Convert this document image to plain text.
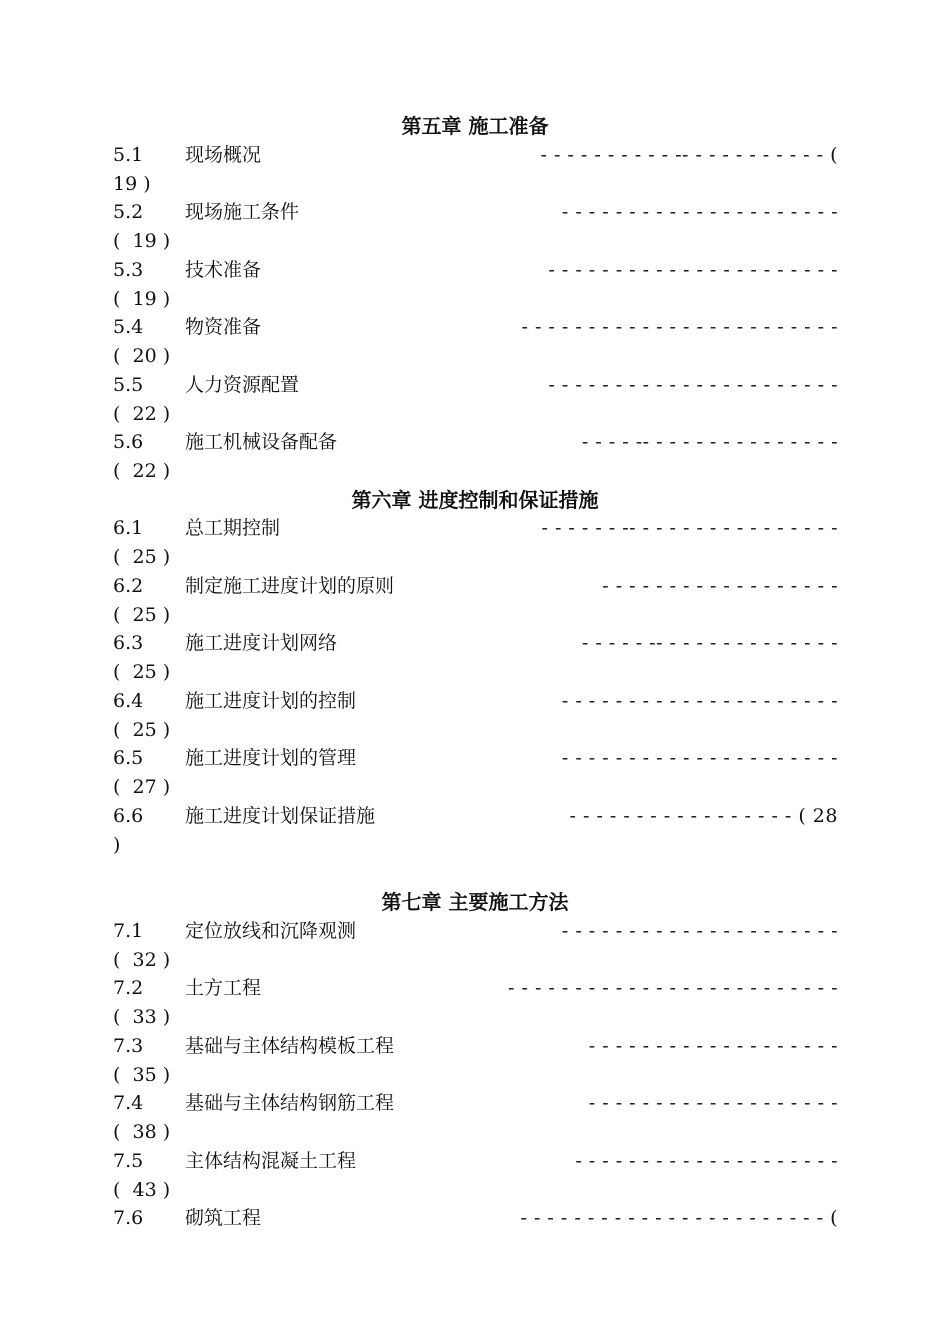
第五章 施工准备
5.1 现场概况	- - - - - - - - - - -- - - - - - - - - - - (
19 )
5.2 现场施工条件	- - - - - - - - - - - - - - - - - - - - -
(  19 )
5.3 技术准备	- - - - - - - - - - - - - - - - - - - - - -
(  19 )
5.4 物资准备	- - - - - - - - - - - - - - - - - - - - - - - -
(  20 )
5.5 人力资源配置	- - - - - - - - - - - - - - - - - - - - - -
(  22 )
5.6 施工机械设备配备	- - - - -- - - - - - - - - - - - - - -
(  22 )
第六章 进度控制和保证措施
6.1 总工期控制	- - - - - - -- - - - - - - - - - - - - - - -
(  25 )
6.2 制定施工进度计划的原则	- - - - - - - - - - - - - - - - - -
(  25 )
6.3 施工进度计划网络	- - - - - -- - - - - - - - - - - - - -
(  25 )
6.4 施工进度计划的控制	- - - - - - - - - - - - - - - - - - - - -
(  25 )
6.5 施工进度计划的管理	- - - - - - - - - - - - - - - - - - - - -
(  27 )
6.6 施工进度计划保证措施	- - - - - - - - - - - - - - - - - ( 28
)
第七章 主要施工方法
7.1 定位放线和沉降观测	- - - - - - - - - - - - - - - - - - - - -
(  32 )
7.2 土方工程	- - - - - - - - - - - - - - - - - - - - - - - - -
(  33 )
7.3 基础与主体结构模板工程	- - - - - - - - - - - - - - - - - - -
(  35 )
7.4 基础与主体结构钢筋工程	- - - - - - - - - - - - - - - - - - -
(  38 )
7.5 主体结构混凝土工程	- - - - - - - - - - - - - - - - - - - -
(  43 )
7.6 砌筑工程	- - - - - - - - - - - - - - - - - - - - - - - (
